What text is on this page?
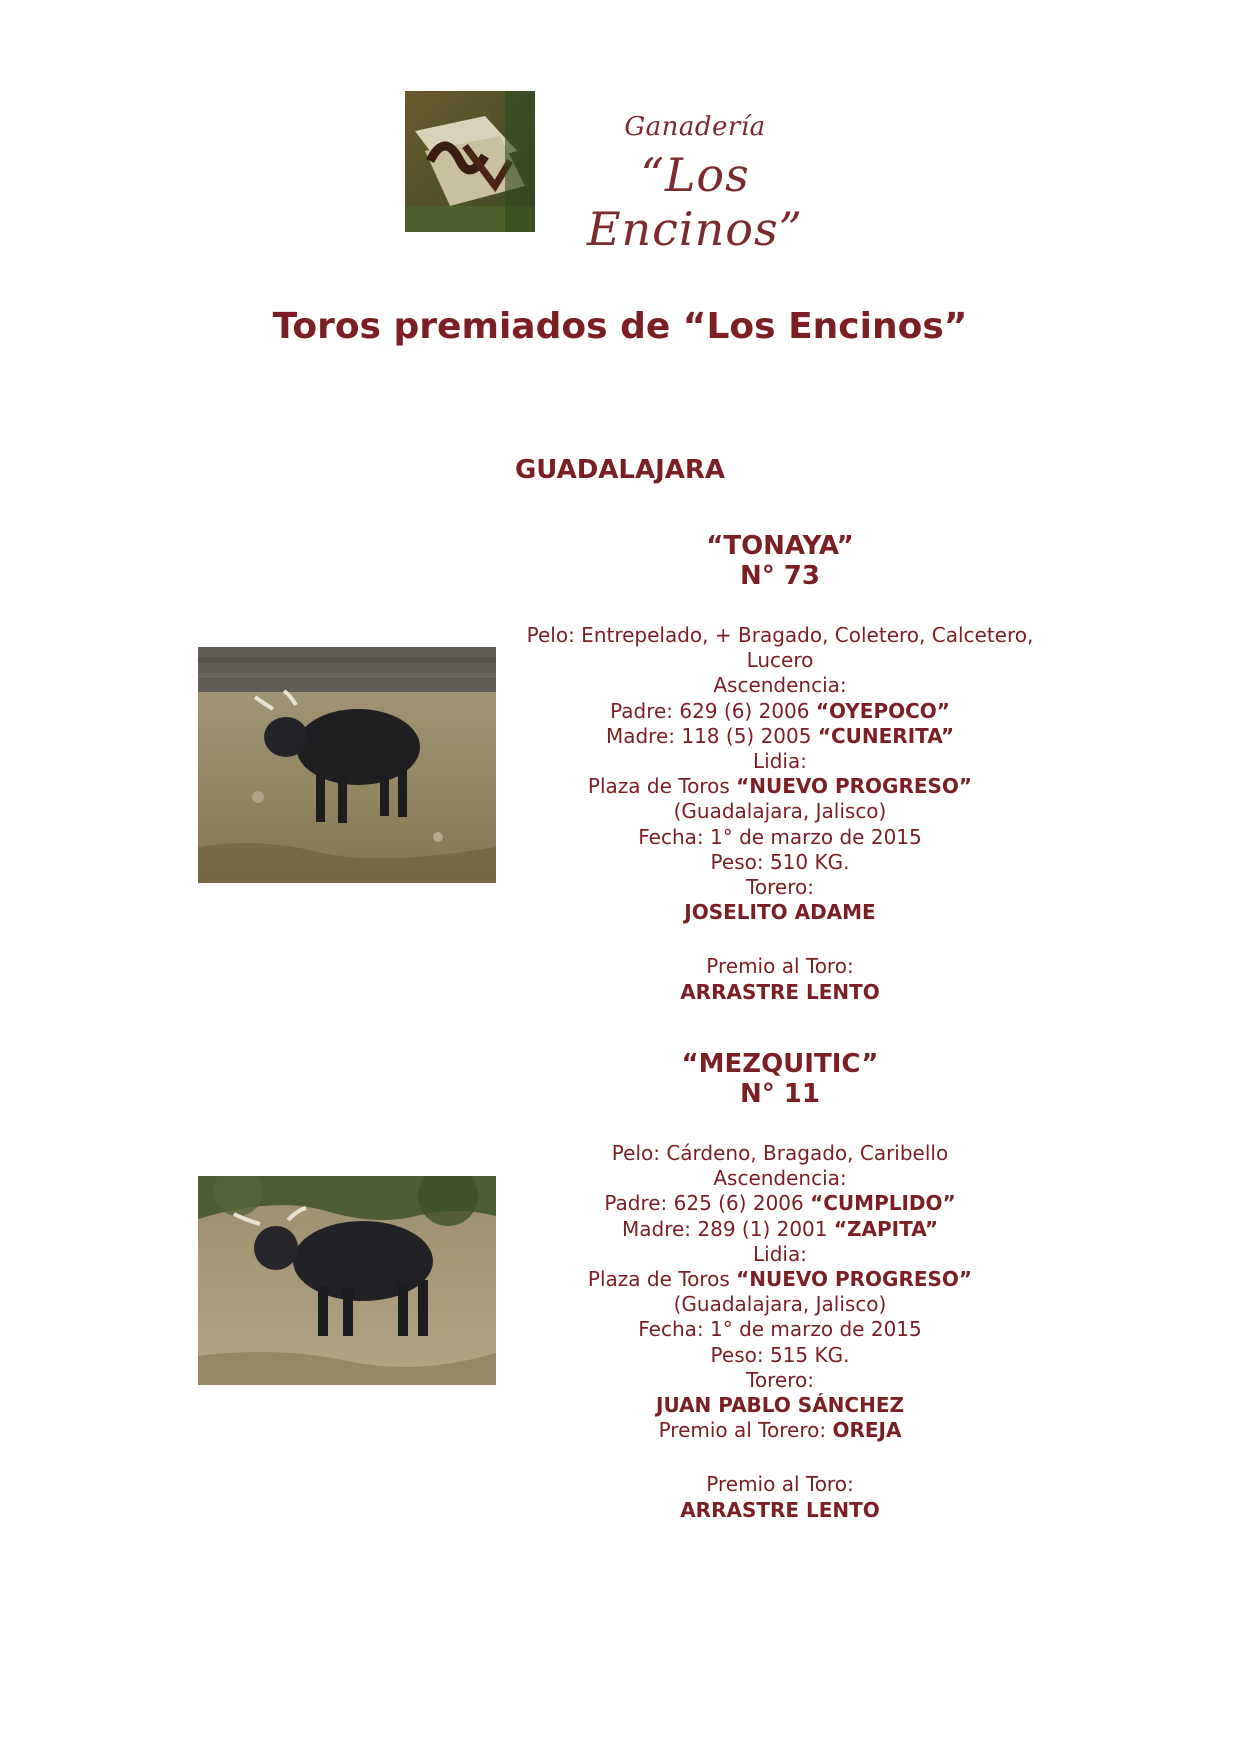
Ganadería
“Los Encinos”
Toros premiados de “Los Encinos”
GUADALAJARA
“TONAYA”
N° 73
Pelo: Entrepelado, + Bragado, Coletero, Calcetero,
Lucero
Ascendencia:
Padre: 629 (6) 2006 “OYEPOCO”
Madre: 118 (5) 2005 “CUNERITA”
Lidia:
Plaza de Toros “NUEVO PROGRESO”
(Guadalajara, Jalisco)
Fecha: 1° de marzo de 2015
Peso: 510 KG.
Torero:
JOSELITO ADAME
Premio al Toro:
ARRASTRE LENTO
“MEZQUITIC”
N° 11
Pelo: Cárdeno, Bragado, Caribello
Ascendencia:
Padre: 625 (6) 2006 “CUMPLIDO”
Madre: 289 (1) 2001 “ZAPITA”
Lidia:
Plaza de Toros “NUEVO PROGRESO”
(Guadalajara, Jalisco)
Fecha: 1° de marzo de 2015
Peso: 515 KG.
Torero:
JUAN PABLO SÁNCHEZ
Premio al Torero: OREJA
Premio al Toro:
ARRASTRE LENTO
